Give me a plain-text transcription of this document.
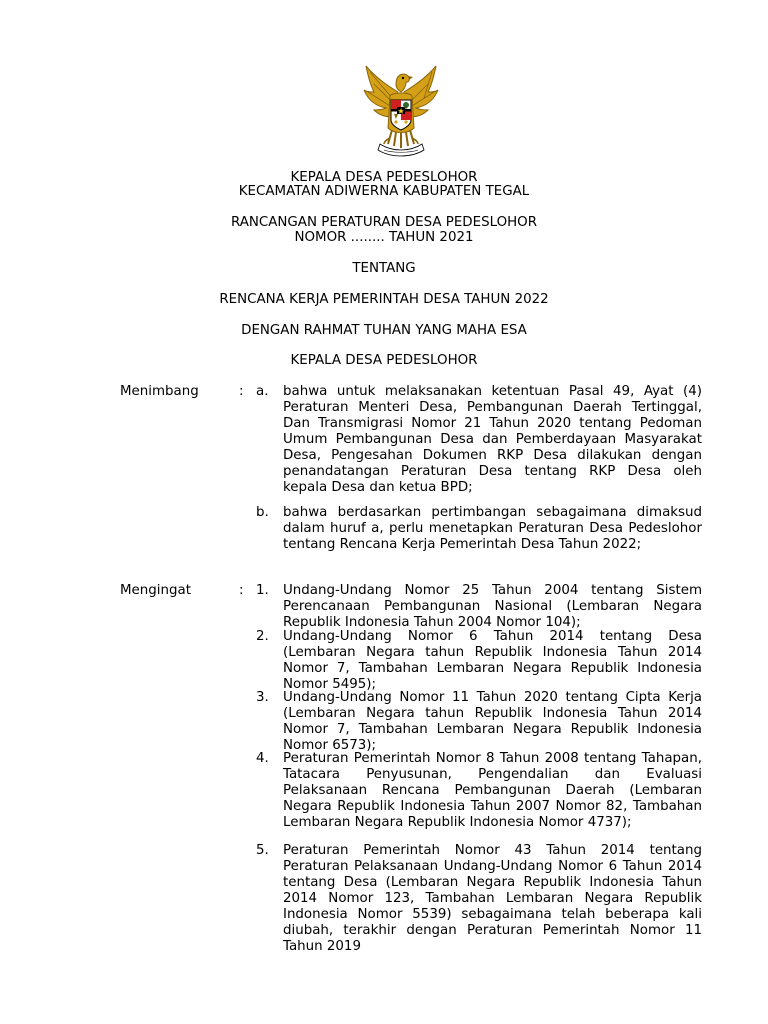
KEPALA DESA PEDESLOHOR
KECAMATAN ADIWERNA KABUPATEN TEGAL
RANCANGAN PERATURAN DESA PEDESLOHOR
NOMOR ........ TAHUN 2021
TENTANG
RENCANA KERJA PEMERINTAH DESA TAHUN 2022
DENGAN RAHMAT TUHAN YANG MAHA ESA
KEPALA DESA PEDESLOHOR
Menimbang	: a. bahwa untuk melaksanakan ketentuan Pasal 49, Ayat (4) Peraturan Menteri Desa, Pembangunan Daerah Tertinggal, Dan Transmigrasi Nomor 21 Tahun 2020 tentang Pedoman Umum Pembangunan Desa dan Pemberdayaan Masyarakat Desa, Pengesahan Dokumen RKP Desa dilakukan dengan penandatangan Peraturan Desa tentang RKP Desa oleh kepala Desa dan ketua BPD;
b. bahwa berdasarkan pertimbangan sebagaimana dimaksud dalam huruf a, perlu menetapkan Peraturan Desa Pedeslohor tentang Rencana Kerja Pemerintah Desa Tahun 2022;
Mengingat	: 1. Undang-Undang Nomor 25 Tahun 2004 tentang Sistem Perencanaan Pembangunan Nasional (Lembaran Negara Republik Indonesia Tahun 2004 Nomor 104);
2. Undang-Undang Nomor 6 Tahun 2014 tentang Desa (Lembaran Negara tahun Republik Indonesia Tahun 2014 Nomor 7, Tambahan Lembaran Negara Republik Indonesia Nomor 5495);
3. Undang-Undang Nomor 11 Tahun 2020 tentang Cipta Kerja (Lembaran Negara tahun Republik Indonesia Tahun 2014 Nomor 7, Tambahan Lembaran Negara Republik Indonesia Nomor 6573);
4. Peraturan Pemerintah Nomor 8 Tahun 2008 tentang Tahapan, Tatacara Penyusunan, Pengendalian dan Evaluasi Pelaksanaan Rencana Pembangunan Daerah (Lembaran Negara Republik Indonesia Tahun 2007 Nomor 82, Tambahan Lembaran Negara Republik Indonesia Nomor 4737);
5. Peraturan Pemerintah Nomor 43 Tahun 2014 tentang Peraturan Pelaksanaan Undang-Undang Nomor 6 Tahun 2014 tentang Desa (Lembaran Negara Republik Indonesia Tahun 2014 Nomor 123, Tambahan Lembaran Negara Republik Indonesia Nomor 5539) sebagaimana telah beberapa kali diubah, terakhir dengan Peraturan Pemerintah Nomor 11 Tahun 2019
